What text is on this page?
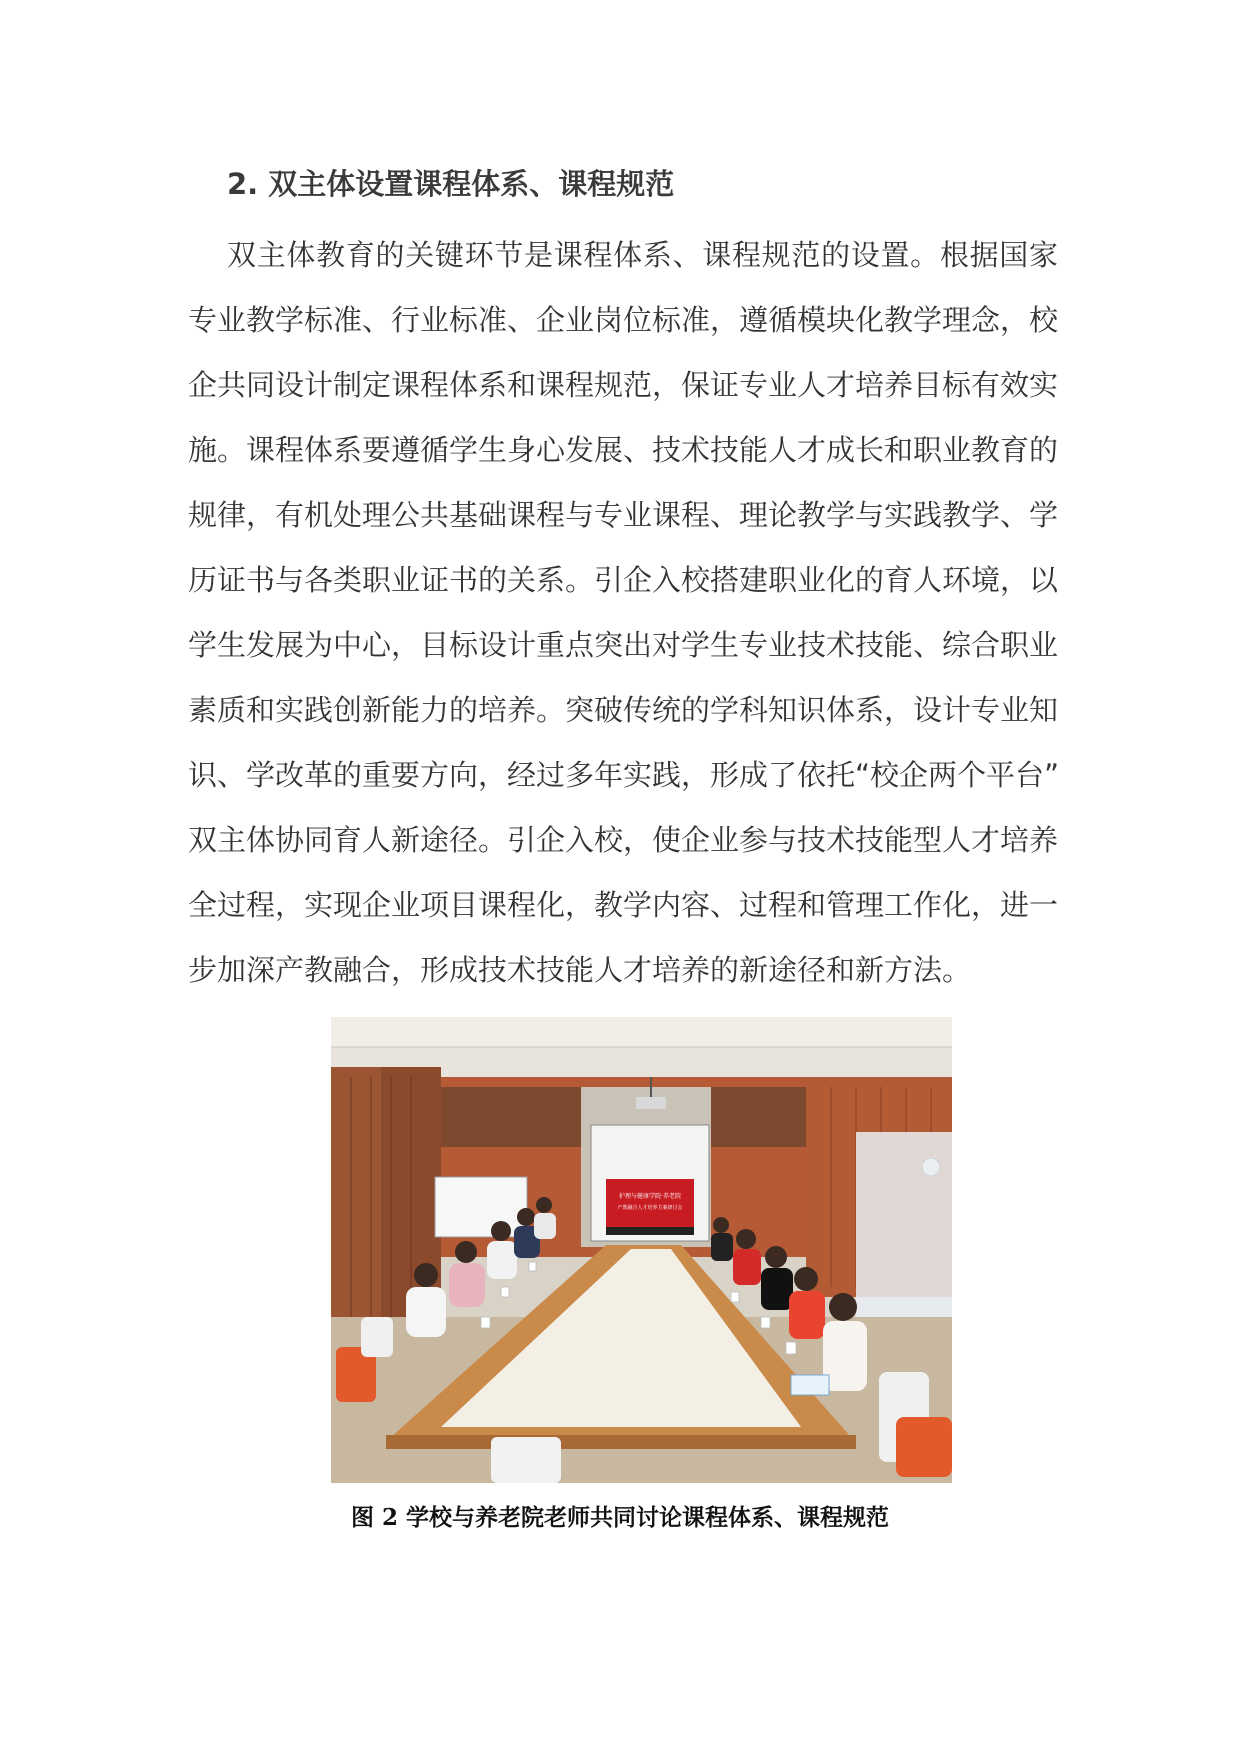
2. 双主体设置课程体系、课程规范
双主体教育的关键环节是课程体系、课程规范的设置。根据国家
专业教学标准、行业标准、企业岗位标准，遵循模块化教学理念，校
企共同设计制定课程体系和课程规范，保证专业人才培养目标有效实
施。课程体系要遵循学生身心发展、技术技能人才成长和职业教育的
规律，有机处理公共基础课程与专业课程、理论教学与实践教学、学
历证书与各类职业证书的关系。引企入校搭建职业化的育人环境，以
学生发展为中心，目标设计重点突出对学生专业技术技能、综合职业
素质和实践创新能力的培养。突破传统的学科知识体系，设计专业知
识、学改革的重要方向，经过多年实践，形成了依托“校企两个平台”
双主体协同育人新途径。引企入校，使企业参与技术技能型人才培养
全过程，实现企业项目课程化，教学内容、过程和管理工作化，进一
步加深产教融合，形成技术技能人才培养的新途径和新方法。
护理与健康学院·养老院
产教融合人才培养方案研讨会
图 2 学校与养老院老师共同讨论课程体系、课程规范
